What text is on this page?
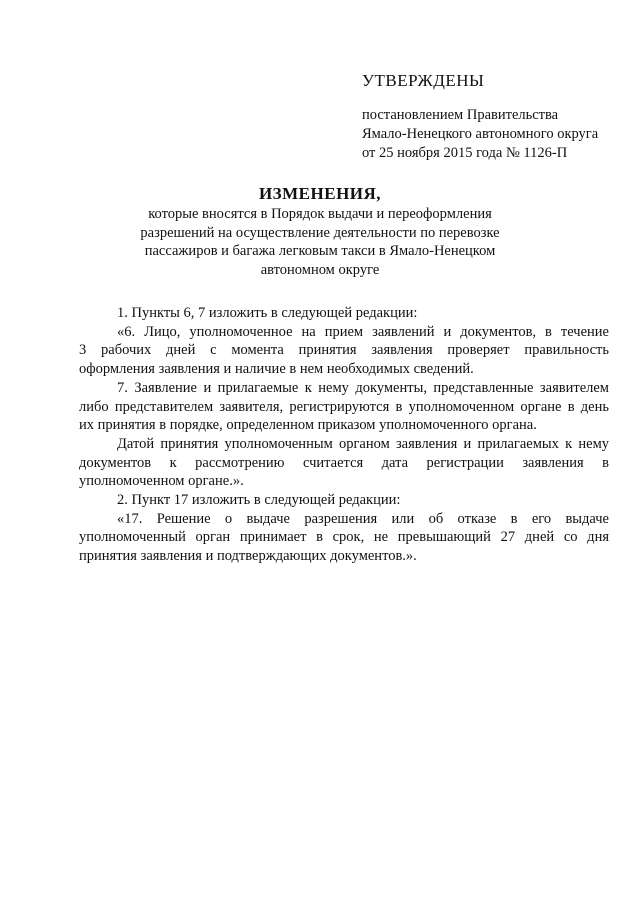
УТВЕРЖДЕНЫ

постановлением Правительства

Ямало-Ненецкого автономного округа

от 25 ноября 2015 года № 1126-П

ИЗМЕНЕНИЯ,

которые вносятся в Порядок выдачи и переоформления

разрешений на осуществление деятельности по перевозке

пассажиров и багажа легковым такси в Ямало-Ненецком

автономном округе

1. Пункты 6, 7 изложить в следующей редакции:

«6. Лицо, уполномоченное на прием заявлений и документов, в течение

3 рабочих дней с момента принятия заявления проверяет правильность

оформления заявления и наличие в нем необходимых сведений.

7. Заявление и прилагаемые к нему документы, представленные заявителем

либо представителем заявителя, регистрируются в уполномоченном органе в день

их принятия в порядке, определенном приказом уполномоченного органа.

Датой принятия уполномоченным органом заявления и прилагаемых к нему

документов к рассмотрению считается дата регистрации заявления в

уполномоченном органе.».

2. Пункт 17 изложить в следующей редакции:

«17. Решение о выдаче разрешения или об отказе в его выдаче

уполномоченный орган принимает в срок, не превышающий 27 дней со дня

принятия заявления и подтверждающих документов.».
